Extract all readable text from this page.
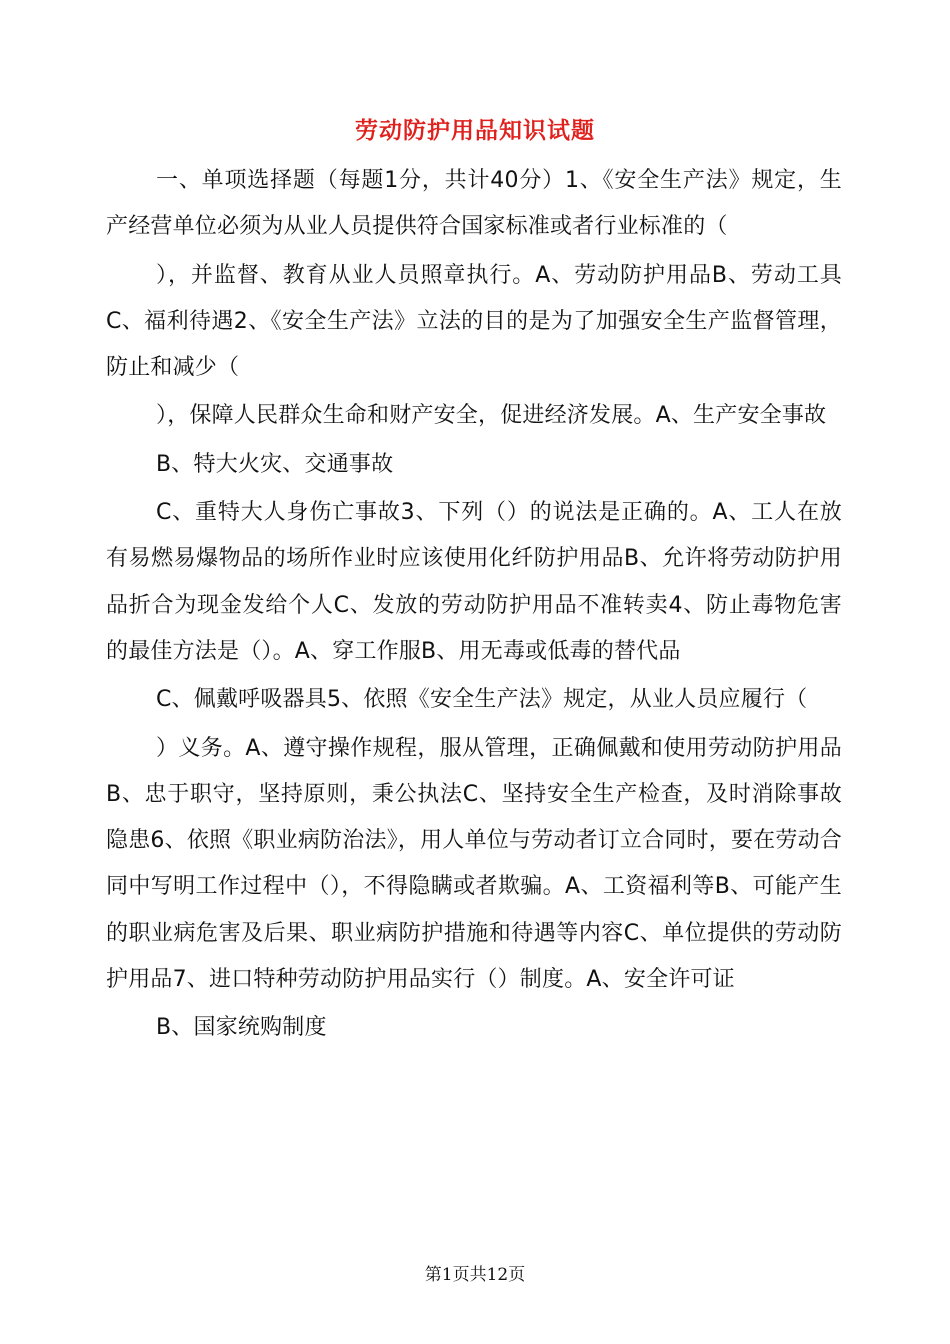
劳动防护用品知识试题

一、单项选择题（每题1分，共计40分）1、《安全生产法》规定，生产经营单位必须为从业人员提供符合国家标准或者行业标准的（

），并监督、教育从业人员照章执行。A、劳动防护用品B、劳动工具C、福利待遇2、《安全生产法》立法的目的是为了加强安全生产监督管理，防止和减少（

），保障人民群众生命和财产安全，促进经济发展。A、生产安全事故

B、特大火灾、交通事故

C、重特大人身伤亡事故3、下列（）的说法是正确的。A、工人在放有易燃易爆物品的场所作业时应该使用化纤防护用品B、允许将劳动防护用品折合为现金发给个人C、发放的劳动防护用品不准转卖4、防止毒物危害的最佳方法是（）。A、穿工作服B、用无毒或低毒的替代品

C、佩戴呼吸器具5、依照《安全生产法》规定，从业人员应履行（

）义务。A、遵守操作规程，服从管理，正确佩戴和使用劳动防护用品B、忠于职守，坚持原则，秉公执法C、坚持安全生产检查，及时消除事故隐患6、依照《职业病防治法》，用人单位与劳动者订立合同时，要在劳动合同中写明工作过程中（），不得隐瞒或者欺骗。A、工资福利等B、可能产生的职业病危害及后果、职业病防护措施和待遇等内容C、单位提供的劳动防护用品7、进口特种劳动防护用品实行（）制度。A、安全许可证

B、国家统购制度

第1页共12页
